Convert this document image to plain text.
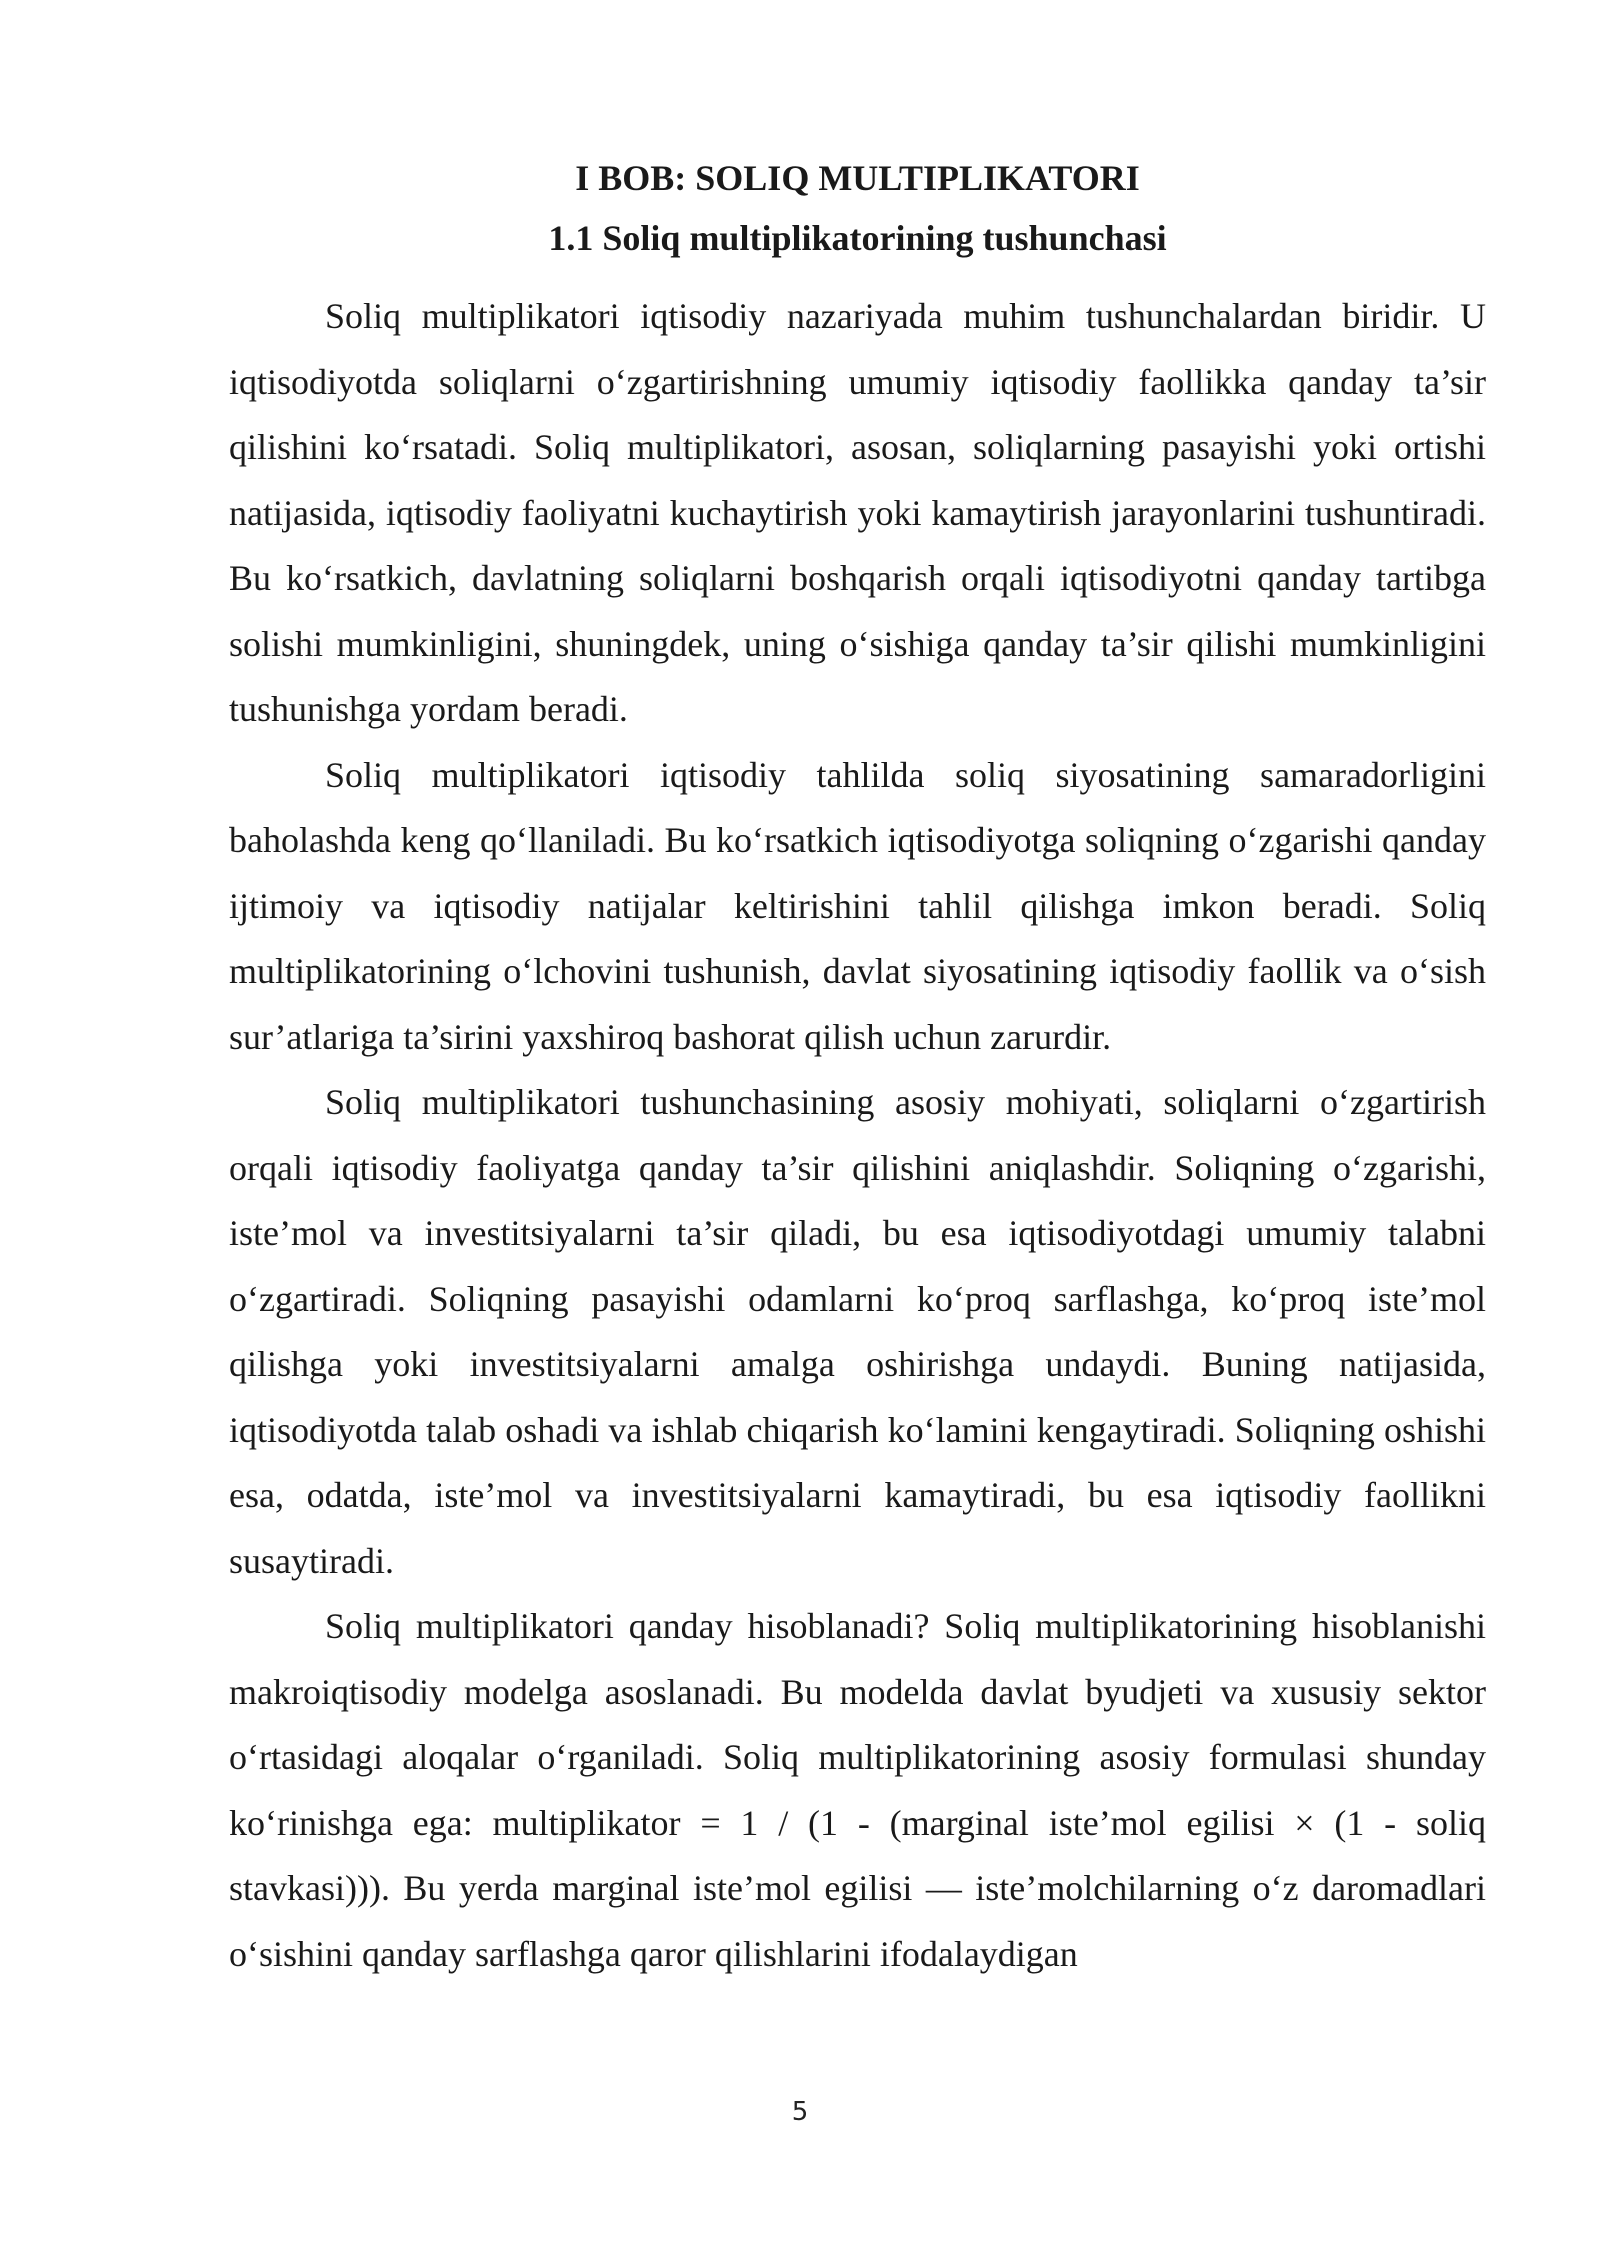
I BOB: SOLIQ MULTIPLIKATORI
1.1 Soliq multiplikatorining tushunchasi

Soliq multiplikatori iqtisodiy nazariyada muhim tushunchalardan biridir. U iqtisodiyotda soliqlarni o‘zgartirishning umumiy iqtisodiy faollikka qanday ta’sir qilishini ko‘rsatadi. Soliq multiplikatori, asosan, soliqlarning pasayishi yoki ortishi natijasida, iqtisodiy faoliyatni kuchaytirish yoki kamaytirish jarayonlarini tushuntiradi. Bu ko‘rsatkich, davlatning soliqlarni boshqarish orqali iqtisodiyotni qanday tartibga solishi mumkinligini, shuningdek, uning o‘sishiga qanday ta’sir qilishi mumkinligini tushunishga yordam beradi.

Soliq multiplikatori iqtisodiy tahlilda soliq siyosatining samaradorligini baholashda keng qo‘llaniladi. Bu ko‘rsatkich iqtisodiyotga soliqning o‘zgarishi qanday ijtimoiy va iqtisodiy natijalar keltirishini tahlil qilishga imkon beradi. Soliq multiplikatorining o‘lchovini tushunish, davlat siyosatining iqtisodiy faollik va o‘sish sur’atlariga ta’sirini yaxshiroq bashorat qilish uchun zarurdir.

Soliq multiplikatori tushunchasining asosiy mohiyati, soliqlarni o‘zgartirish orqali iqtisodiy faoliyatga qanday ta’sir qilishini aniqlashdir. Soliqning o‘zgarishi, iste’mol va investitsiyalarni ta’sir qiladi, bu esa iqtisodiyotdagi umumiy talabni o‘zgartiradi. Soliqning pasayishi odamlarni ko‘proq sarflashga, ko‘proq iste’mol qilishga yoki investitsiyalarni amalga oshirishga undaydi. Buning natijasida, iqtisodiyotda talab oshadi va ishlab chiqarish ko‘lamini kengaytiradi. Soliqning oshishi esa, odatda, iste’mol va investitsiyalarni kamaytiradi, bu esa iqtisodiy faollikni susaytiradi.

Soliq multiplikatori qanday hisoblanadi? Soliq multiplikatorining hisoblanishi makroiqtisodiy modelga asoslanadi. Bu modelda davlat byudjeti va xususiy sektor o‘rtasidagi aloqalar o‘rganiladi. Soliq multiplikatorining asosiy formulasi shunday ko‘rinishga ega: multiplikator = 1 / (1 - (marginal iste’mol egilisi × (1 - soliq stavkasi))). Bu yerda marginal iste’mol egilisi — iste’molchilarning o‘z daromadlari o‘sishini qanday sarflashga qaror qilishlarini ifodalaydigan

5
